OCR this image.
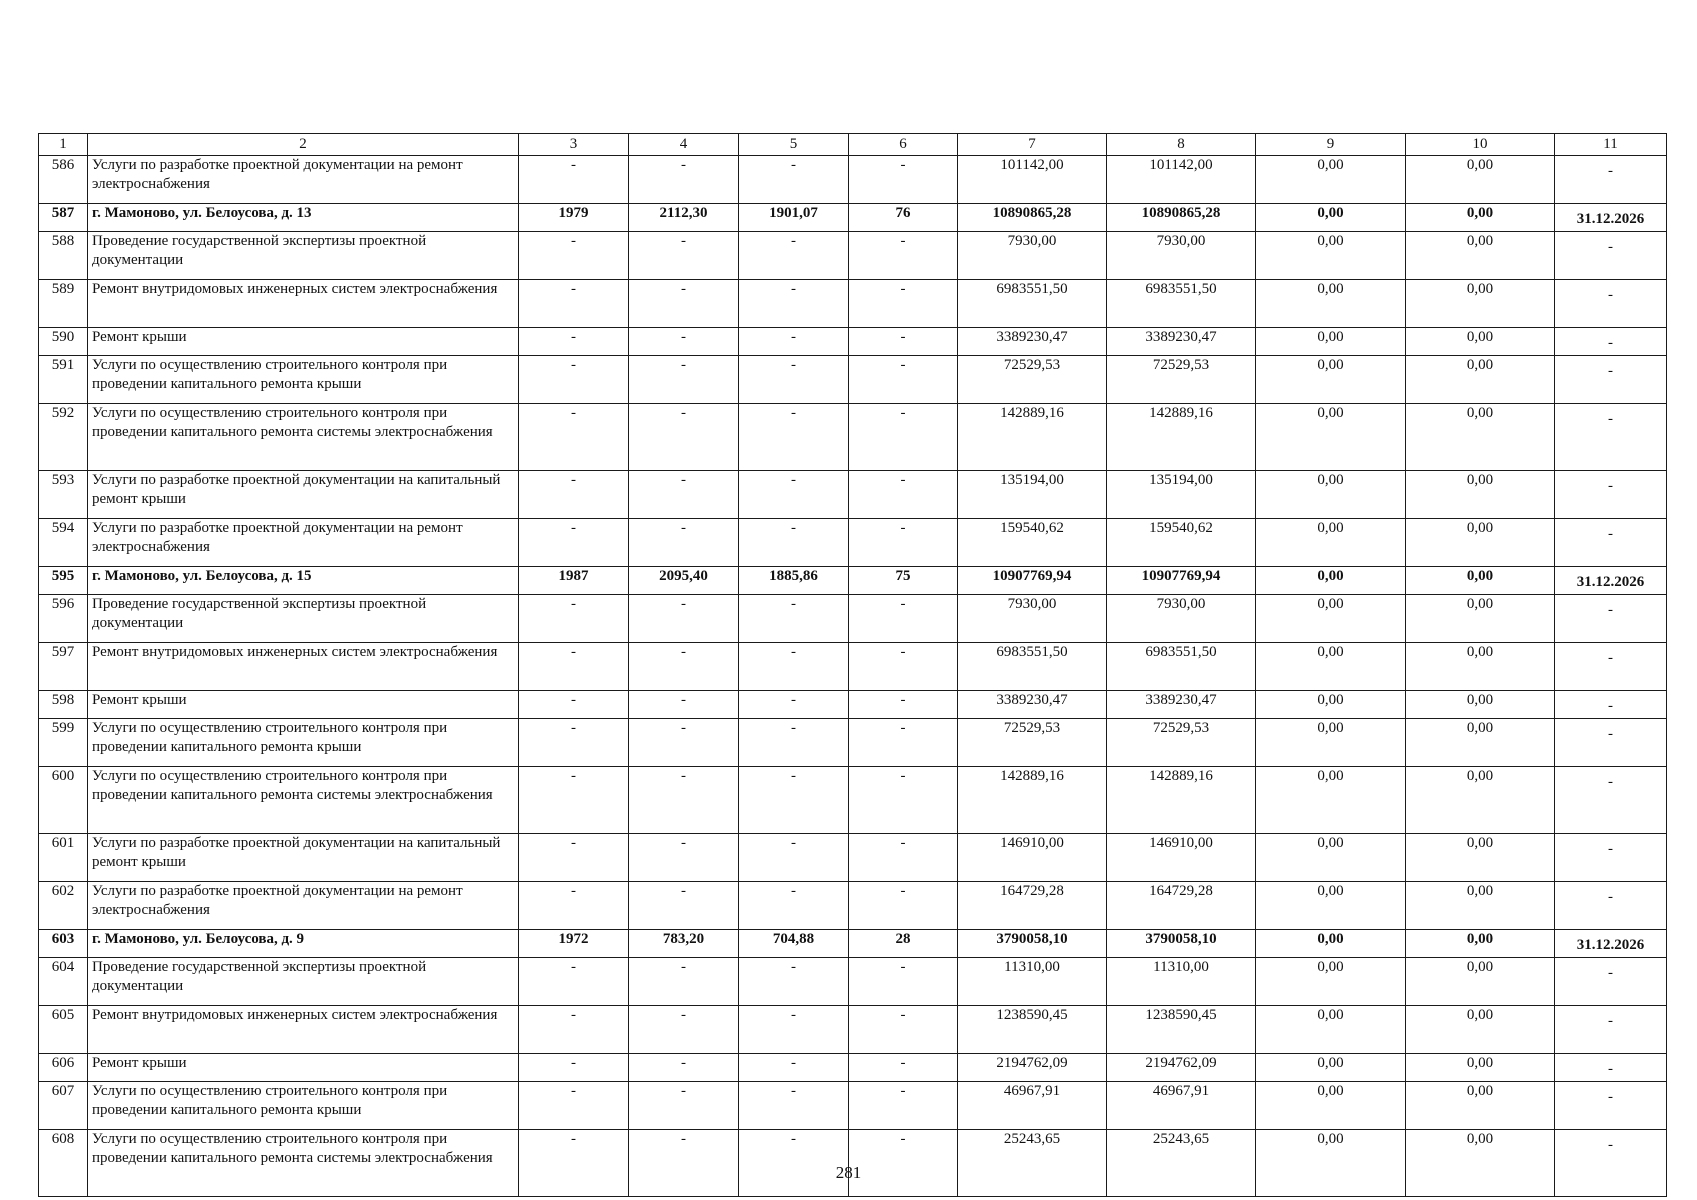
1	2	3	4	5	6	7	8	9	10	11
586	Услуги по разработке проектной документации на ремонт электроснабжения	-	-	-	-	101142,00	101142,00	0,00	0,00	-
587	г. Мамоново, ул. Белоусова, д. 13	1979	2112,30	1901,07	76	10890865,28	10890865,28	0,00	0,00	31.12.2026
588	Проведение государственной экспертизы проектной документации	-	-	-	-	7930,00	7930,00	0,00	0,00	-
589	Ремонт внутридомовых инженерных систем электроснабжения	-	-	-	-	6983551,50	6983551,50	0,00	0,00	-
590	Ремонт крыши	-	-	-	-	3389230,47	3389230,47	0,00	0,00	-
591	Услуги по осуществлению строительного контроля при проведении капитального ремонта крыши	-	-	-	-	72529,53	72529,53	0,00	0,00	-
592	Услуги по осуществлению строительного контроля при проведении капитального ремонта системы электроснабжения	-	-	-	-	142889,16	142889,16	0,00	0,00	-
593	Услуги по разработке проектной документации на капитальный ремонт крыши	-	-	-	-	135194,00	135194,00	0,00	0,00	-
594	Услуги по разработке проектной документации на ремонт электроснабжения	-	-	-	-	159540,62	159540,62	0,00	0,00	-
595	г. Мамоново, ул. Белоусова, д. 15	1987	2095,40	1885,86	75	10907769,94	10907769,94	0,00	0,00	31.12.2026
596	Проведение государственной экспертизы проектной документации	-	-	-	-	7930,00	7930,00	0,00	0,00	-
597	Ремонт внутридомовых инженерных систем электроснабжения	-	-	-	-	6983551,50	6983551,50	0,00	0,00	-
598	Ремонт крыши	-	-	-	-	3389230,47	3389230,47	0,00	0,00	-
599	Услуги по осуществлению строительного контроля при проведении капитального ремонта крыши	-	-	-	-	72529,53	72529,53	0,00	0,00	-
600	Услуги по осуществлению строительного контроля при проведении капитального ремонта системы электроснабжения	-	-	-	-	142889,16	142889,16	0,00	0,00	-
601	Услуги по разработке проектной документации на капитальный ремонт крыши	-	-	-	-	146910,00	146910,00	0,00	0,00	-
602	Услуги по разработке проектной документации на ремонт электроснабжения	-	-	-	-	164729,28	164729,28	0,00	0,00	-
603	г. Мамоново, ул. Белоусова, д. 9	1972	783,20	704,88	28	3790058,10	3790058,10	0,00	0,00	31.12.2026
604	Проведение государственной экспертизы проектной документации	-	-	-	-	11310,00	11310,00	0,00	0,00	-
605	Ремонт внутридомовых инженерных систем электроснабжения	-	-	-	-	1238590,45	1238590,45	0,00	0,00	-
606	Ремонт крыши	-	-	-	-	2194762,09	2194762,09	0,00	0,00	-
607	Услуги по осуществлению строительного контроля при проведении капитального ремонта крыши	-	-	-	-	46967,91	46967,91	0,00	0,00	-
608	Услуги по осуществлению строительного контроля при проведении капитального ремонта системы электроснабжения	-	-	-	-	25243,65	25243,65	0,00	0,00	-
281
